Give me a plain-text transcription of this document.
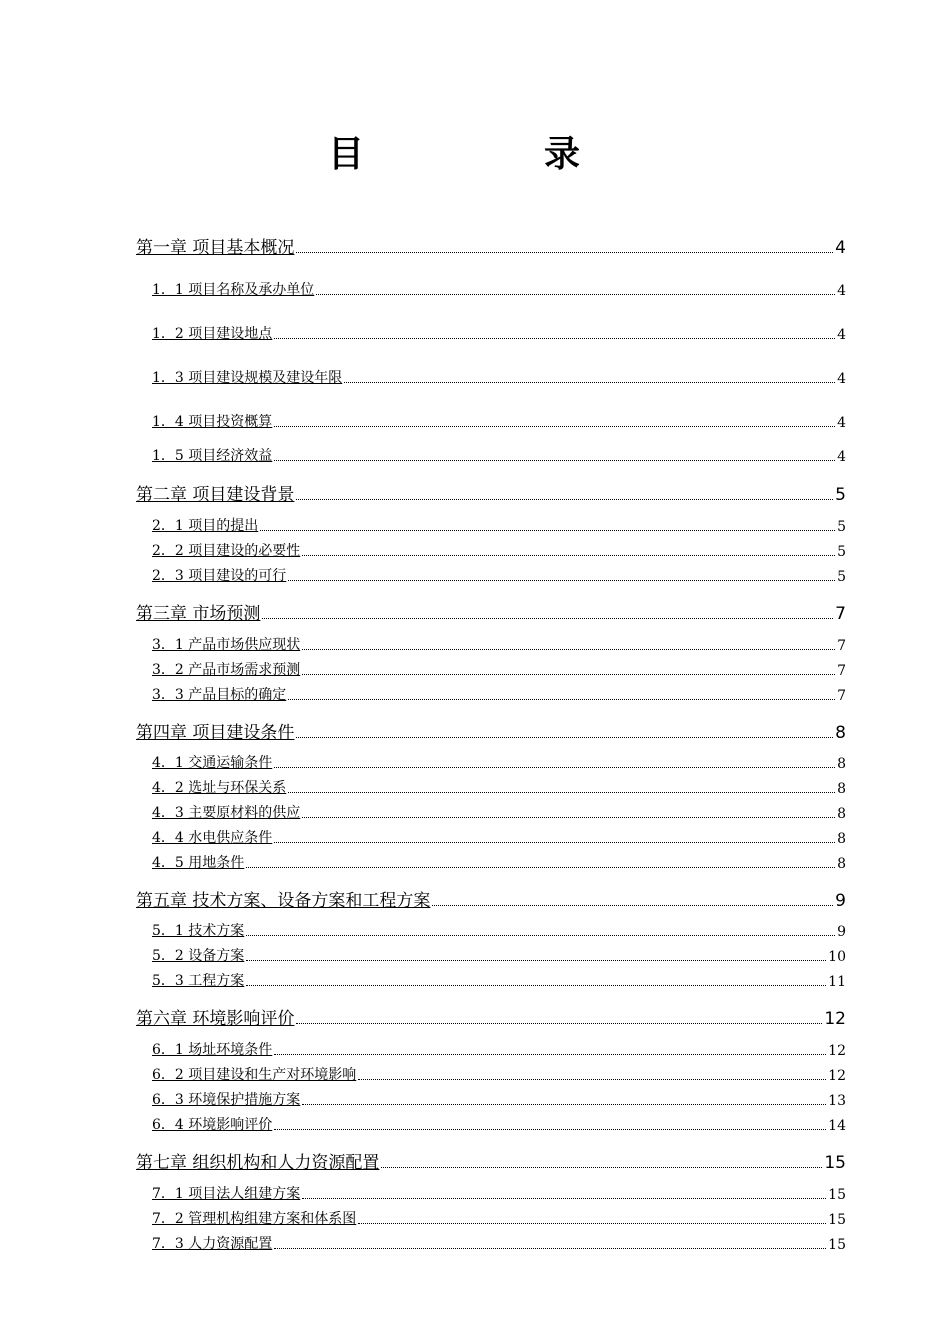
目　录
第一章 项目基本概况	4
1．1 项目名称及承办单位	4
1．2 项目建设地点	4
1．3 项目建设规模及建设年限	4
1．4 项目投资概算	4
1．5 项目经济效益	4
第二章 项目建设背景	5
2．1 项目的提出	5
2．2 项目建设的必要性	5
2．3 项目建设的可行	5
第三章 市场预测	7
3．1 产品市场供应现状	7
3．2 产品市场需求预测	7
3．3 产品目标的确定	7
第四章 项目建设条件	8
4．1 交通运输条件	8
4．2 选址与环保关系	8
4．3 主要原材料的供应	8
4．4 水电供应条件	8
4．5 用地条件	8
第五章 技术方案、设备方案和工程方案	9
5．1 技术方案	9
5．2 设备方案	10
5．3 工程方案	11
第六章 环境影响评价	12
6．1 场址环境条件	12
6．2 项目建设和生产对环境影响	12
6．3 环境保护措施方案	13
6．4 环境影响评价	14
第七章 组织机构和人力资源配置	15
7．1 项目法人组建方案	15
7．2 管理机构组建方案和体系图	15
7．3 人力资源配置	15
